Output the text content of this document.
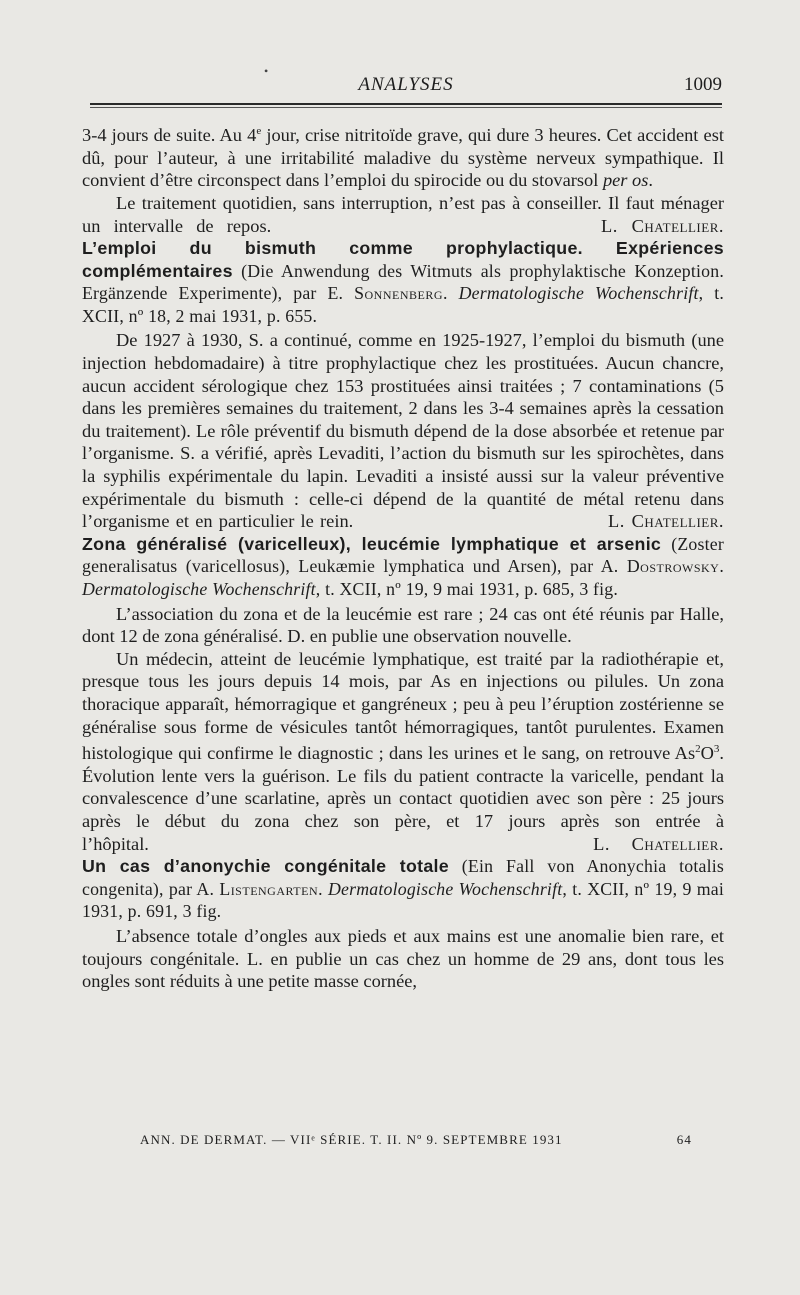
ANALYSES	1009

3-4 jours de suite. Au 4e jour, crise nitritoïde grave, qui dure 3 heures. Cet accident est dû, pour l’auteur, à une irritabilité maladive du système nerveux sympathique. Il convient d’être circonspect dans l’emploi du spirocide ou du stovarsol per os.

Le traitement quotidien, sans interruption, n’est pas à conseiller. Il faut ménager un intervalle de repos.	L. Chatellier.

L’emploi du bismuth comme prophylactique. Expériences complémentaires (Die Anwendung des Witmuts als prophylaktische Konzeption. Ergänzende Experimente), par E. Sonnenberg. Dermatologische Wochenschrift, t. XCII, nº 18, 2 mai 1931, p. 655.

De 1927 à 1930, S. a continué, comme en 1925-1927, l’emploi du bismuth (une injection hebdomadaire) à titre prophylactique chez les prostituées. Aucun chancre, aucun accident sérologique chez 153 prostituées ainsi traitées ; 7 contaminations (5 dans les premières semaines du traitement, 2 dans les 3-4 semaines après la cessation du traitement). Le rôle préventif du bismuth dépend de la dose absorbée et retenue par l’organisme. S. a vérifié, après Levaditi, l’action du bismuth sur les spirochètes, dans la syphilis expérimentale du lapin. Levaditi a insisté aussi sur la valeur préventive expérimentale du bismuth : celle-ci dépend de la quantité de métal retenu dans l’organisme et en particulier le rein.	L. Chatellier.

Zona généralisé (varicelleux), leucémie lymphatique et arsenic (Zoster generalisatus (varicellosus), Leukæmie lymphatica und Arsen), par A. Dostrowsky. Dermatologische Wochenschrift, t. XCII, nº 19, 9 mai 1931, p. 685, 3 fig.

L’association du zona et de la leucémie est rare ; 24 cas ont été réunis par Halle, dont 12 de zona généralisé. D. en publie une observation nouvelle.

Un médecin, atteint de leucémie lymphatique, est traité par la radiothérapie et, presque tous les jours depuis 14 mois, par As en injections ou pilules. Un zona thoracique apparaît, hémorragique et gangréneux ; peu à peu l’éruption zostérienne se généralise sous forme de vésicules tantôt hémorragiques, tantôt purulentes. Examen histologique qui confirme le diagnostic ; dans les urines et le sang, on retrouve $As^2O^3$. Évolution lente vers la guérison. Le fils du patient contracte la varicelle, pendant la convalescence d’une scarlatine, après un contact quotidien avec son père : 25 jours après le début du zona chez son père, et 17 jours après son entrée à l’hôpital.	L. Chatellier.

Un cas d’anonychie congénitale totale (Ein Fall von Anonychia totalis congenita), par A. Listengarten. Dermatologische Wochenschrift, t. XCII, nº 19, 9 mai 1931, p. 691, 3 fig.

L’absence totale d’ongles aux pieds et aux mains est une anomalie bien rare, et toujours congénitale. L. en publie un cas chez un homme de 29 ans, dont tous les ongles sont réduits à une petite masse cornée,

ANN. DE DERMAT. — VIIᵉ SÉRIE. T. II. Nº 9. SEPTEMBRE 1931	64
•
